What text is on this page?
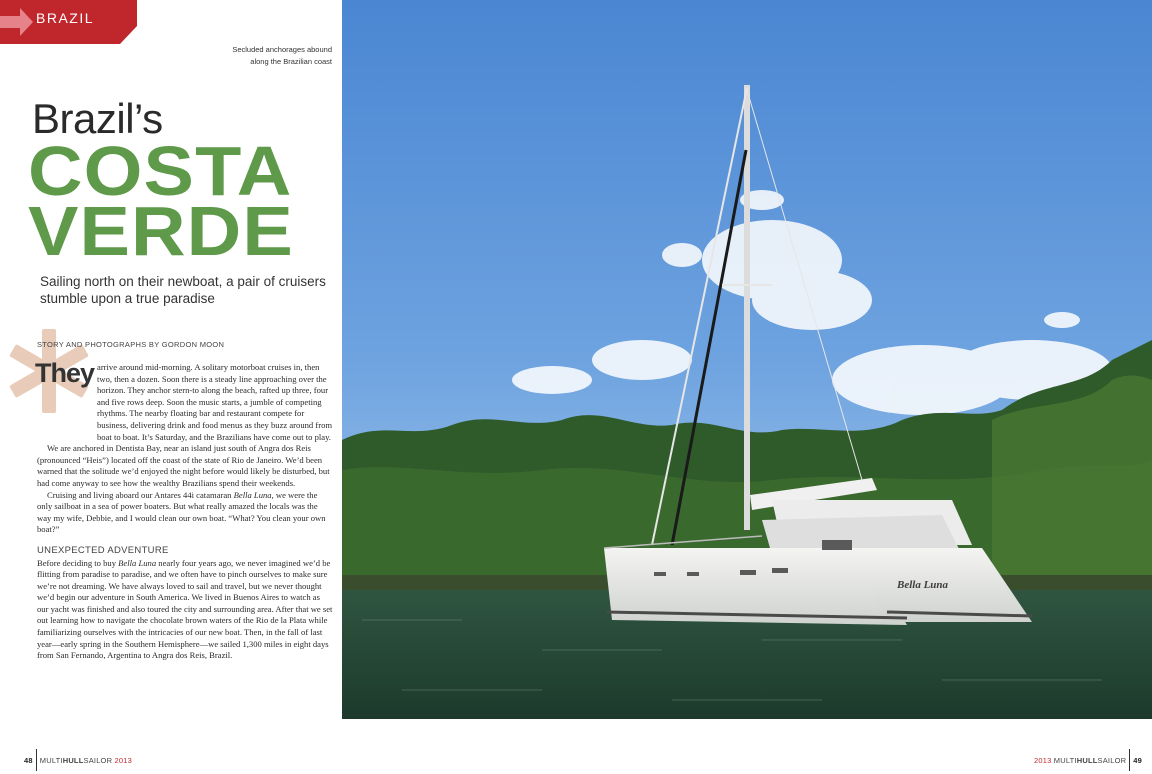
BRAZIL
Secluded anchorages abound
along the Brazilian coast
Brazil’s
COSTA
VERDE
Sailing north on their newboat, a pair of cruisers stumble upon a true paradise
STORY AND PHOTOGRAPHS BY GORDON MOON
They arrive around mid-morning. A solitary motorboat cruises in, then two, then a dozen. Soon there is a steady line approaching over the horizon. They anchor stern-to along the beach, rafted up three, four and five rows deep. Soon the music starts, a jumble of competing rhythms. The nearby floating bar and restaurant compete for business, delivering drink and food menus as they buzz around from boat to boat. It’s Saturday, and the Brazilians have come out to play.

We are anchored in Dentista Bay, near an island just south of Angra dos Reis (pronounced “Heis”) located off the coast of the state of Rio de Janeiro. We’d been warned that the solitude we’d enjoyed the night before would likely be disturbed, but had come anyway to see how the wealthy Brazilians spend their weekends.

Cruising and living aboard our Antares 44i catamaran Bella Luna, we were the only sailboat in a sea of power boaters. But what really amazed the locals was the way my wife, Debbie, and I would clean our own boat. “What? You clean your own boat?”

UNEXPECTED ADVENTURE

Before deciding to buy Bella Luna nearly four years ago, we never imagined we’d be flitting from paradise to paradise, and we often have to pinch ourselves to make sure we’re not dreaming. We have always loved to sail and travel, but we never thought we’d begin our adventure in South America. We lived in Buenos Aires to watch as our yacht was finished and also toured the city and surrounding area. After that we set out learning how to navigate the chocolate brown waters of the Rio de la Plata while familiarizing ourselves with the intricacies of our new boat. Then, in the fall of last year—early spring in the Southern Hemisphere—we sailed 1,300 miles in eight days from San Fernando, Argentina to Angra dos Reis, Brazil.

Bella Luna
48 MULTIHULLSAILOR 2013	2013 MULTIHULLSAILOR 49
